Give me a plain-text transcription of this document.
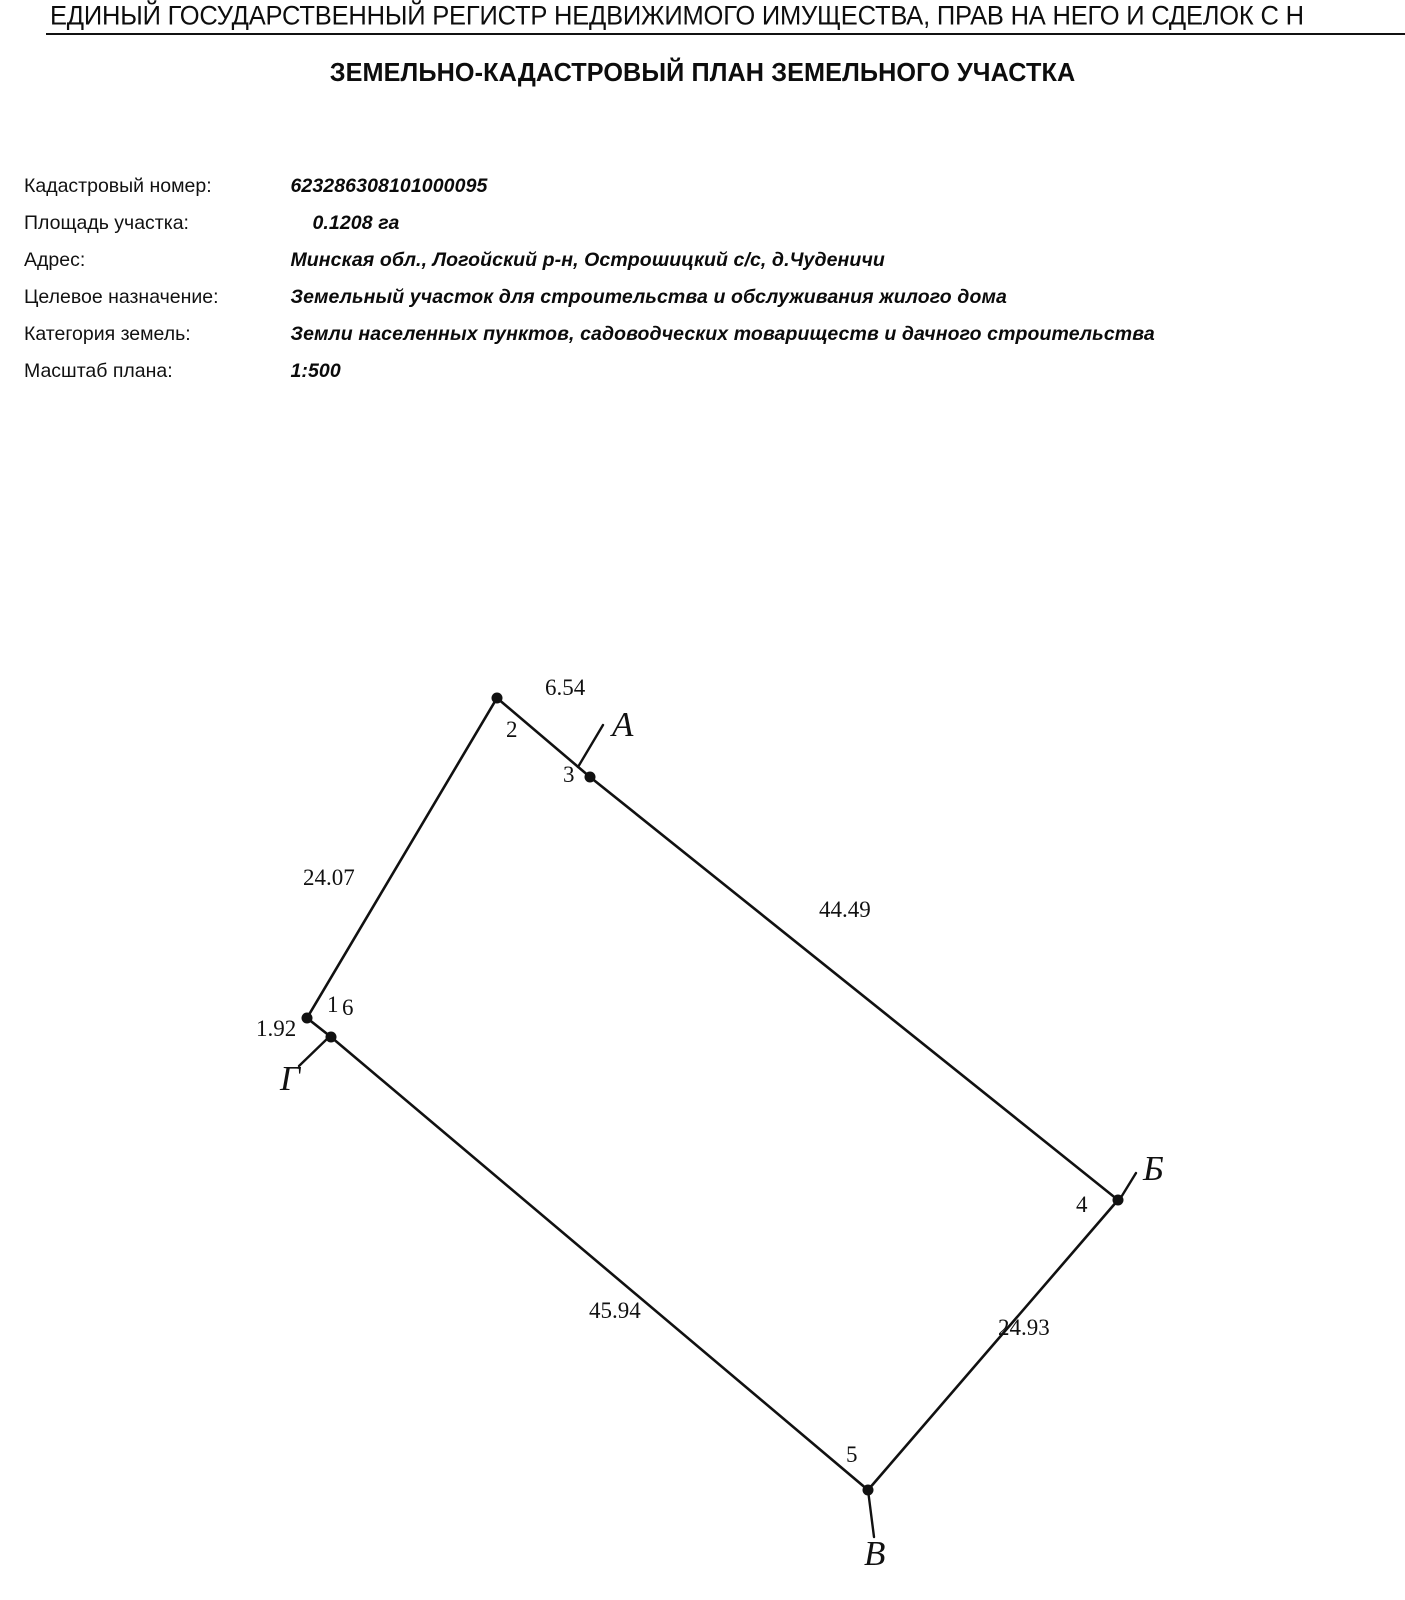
ЕДИНЫЙ ГОСУДАРСТВЕННЫЙ РЕГИСТР НЕДВИЖИМОГО ИМУЩЕСТВА, ПРАВ НА НЕГО И СДЕЛОК С Н
ЗЕМЕЛЬНО-КАДАСТРОВЫЙ ПЛАН ЗЕМЕЛЬНОГО УЧАСТКА
Кадастровый номер:	623286308101000095
Площадь участка:	0.1208 га
Адрес:	Минская обл., Логойский р-н, Острошицкий с/с, д.Чуденичи
Целевое назначение:	Земельный участок для строительства и обслуживания жилого дома
Категория земель:	Земли населенных пунктов, садоводческих товариществ и дачного строительства
Масштаб плана:	1:500
24.07
6.54
44.49
24.93
45.94
1.92
1
2
3
4
5
6
А
Б
В
Г
